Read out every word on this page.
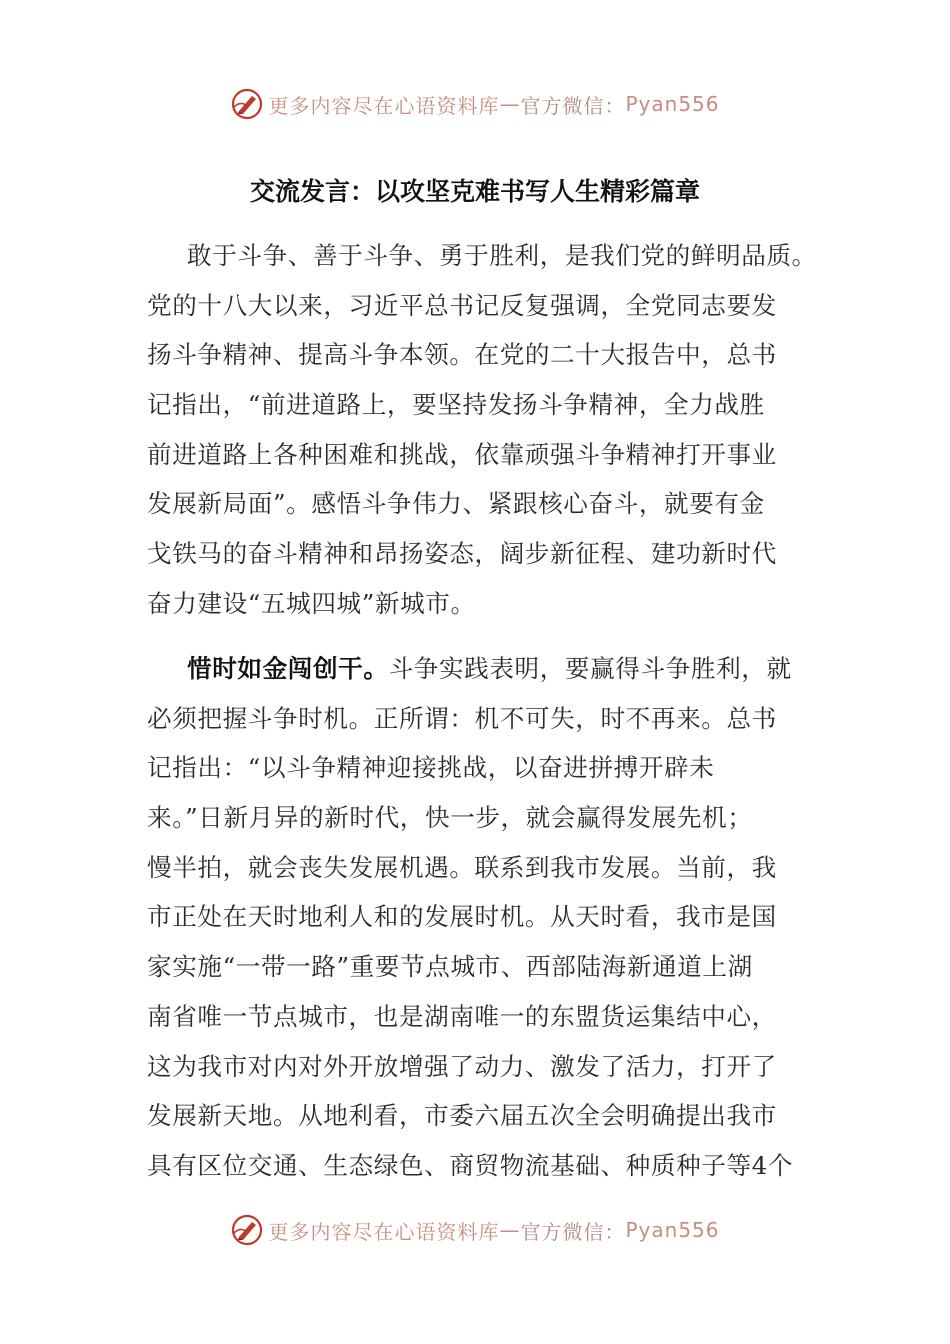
更多内容尽在心语资料库 — 官方微信： Pyan556
交流发言：以攻坚克难书写人生精彩篇章
敢于斗争、善于斗争、勇于胜利，是我们党的鲜明品质。
党的十八大以来，习近平总书记反复强调，全党同志要发
扬斗争精神、提高斗争本领。在党的二十大报告中，总书
记指出，“前进道路上，要坚持发扬斗争精神，全力战胜
前进道路上各种困难和挑战，依靠顽强斗争精神打开事业
发展新局面”。感悟斗争伟力、紧跟核心奋斗，就要有金
戈铁马的奋斗精神和昂扬姿态，阔步新征程、建功新时代
奋力建设“五城四城”新城市。
惜时如金闯创干。斗争实践表明，要赢得斗争胜利，就
必须把握斗争时机。正所谓：机不可失，时不再来。总书
记指出：“以斗争精神迎接挑战，以奋进拼搏开辟未
来。”日新月异的新时代，快一步，就会赢得发展先机；
慢半拍，就会丧失发展机遇。联系到我市发展。当前，我
市正处在天时地利人和的发展时机。从天时看，我市是国
家实施“一带一路”重要节点城市、西部陆海新通道上湖
南省唯一节点城市，也是湖南唯一的东盟货运集结中心，
这为我市对内对外开放增强了动力、激发了活力，打开了
发展新天地。从地利看，市委六届五次全会明确提出我市
具有区位交通、生态绿色、商贸物流基础、种质种子等4个
更多内容尽在心语资料库 — 官方微信： Pyan556
